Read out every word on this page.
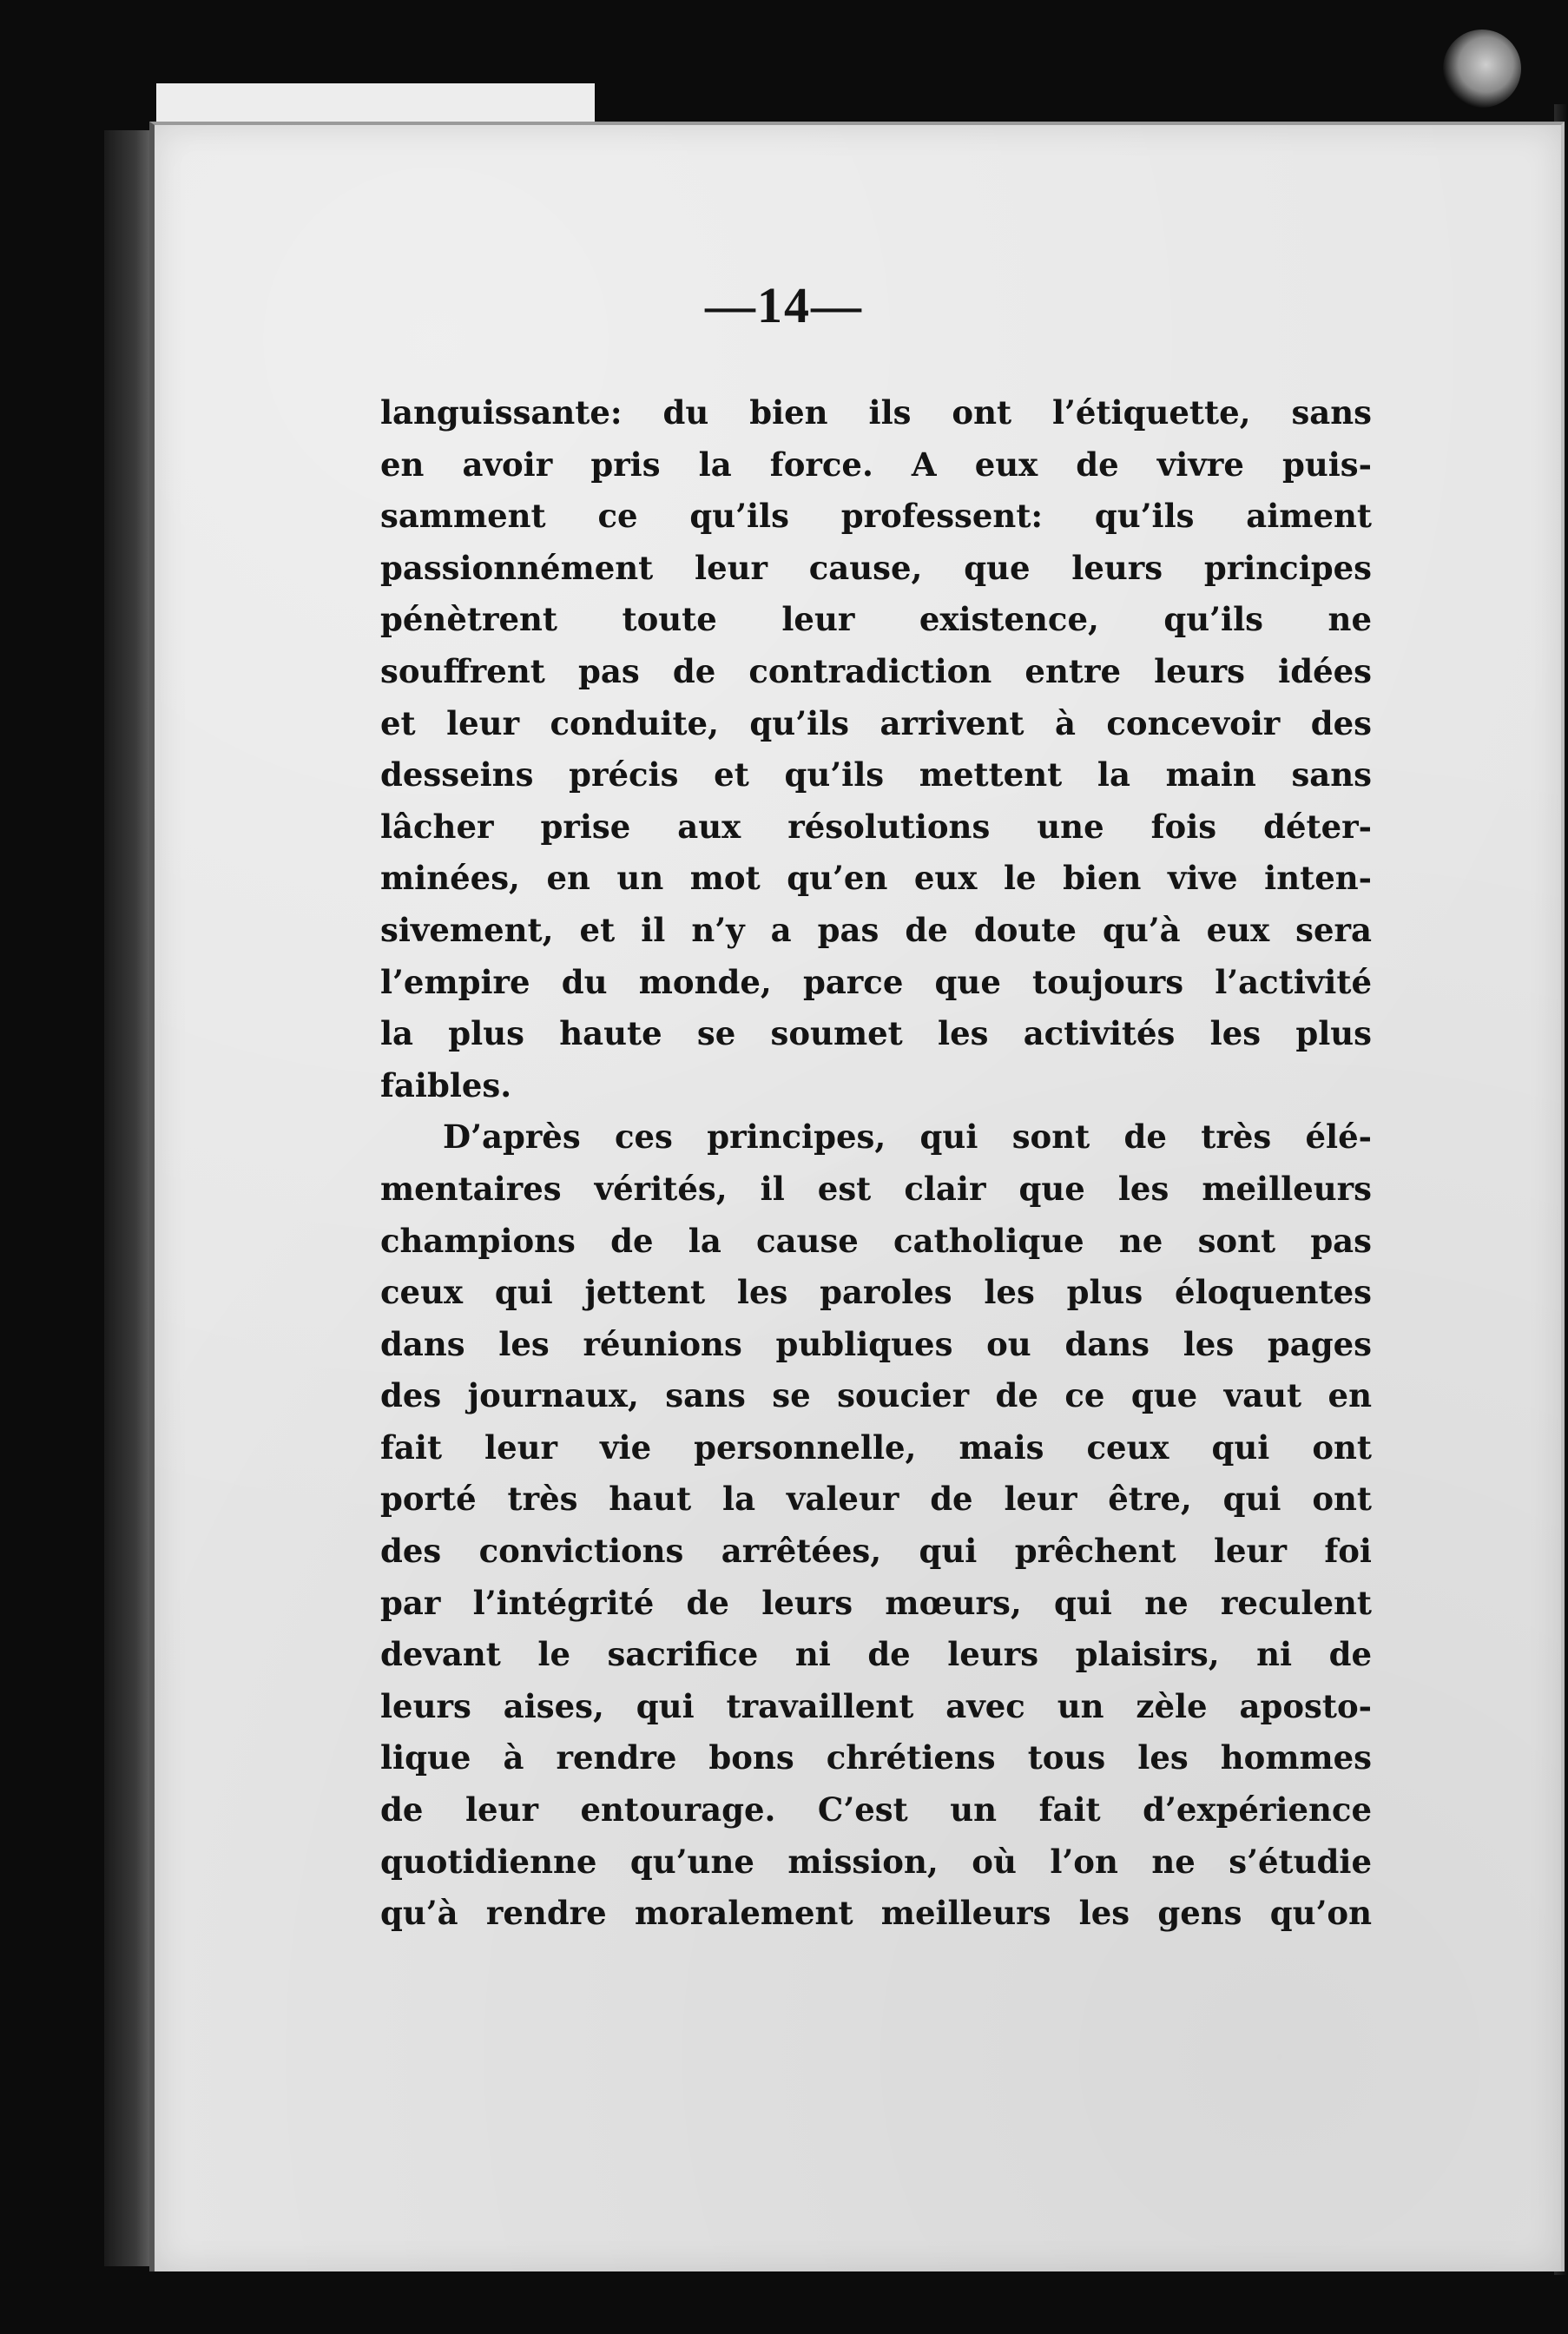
—14—

languissante: du bien ils ont l’étiquette, sans
en avoir pris la force. A eux de vivre puis-
samment ce qu’ils professent: qu’ils aiment
passionnément leur cause, que leurs principes
pénètrent toute leur existence, qu’ils ne
souffrent pas de contradiction entre leurs idées
et leur conduite, qu’ils arrivent à concevoir des
desseins précis et qu’ils mettent la main sans
lâcher prise aux résolutions une fois déter-
minées, en un mot qu’en eux le bien vive inten-
sivement, et il n’y a pas de doute qu’à eux sera
l’empire du monde, parce que toujours l’activité
la plus haute se soumet les activités les plus
faibles.

D’après ces principes, qui sont de très élé-
mentaires vérités, il est clair que les meilleurs
champions de la cause catholique ne sont pas
ceux qui jettent les paroles les plus éloquentes
dans les réunions publiques ou dans les pages
des journaux, sans se soucier de ce que vaut en
fait leur vie personnelle, mais ceux qui ont
porté très haut la valeur de leur être, qui ont
des convictions arrêtées, qui prêchent leur foi
par l’intégrité de leurs mœurs, qui ne reculent
devant le sacrifice ni de leurs plaisirs, ni de
leurs aises, qui travaillent avec un zèle aposto-
lique à rendre bons chrétiens tous les hommes
de leur entourage. C’est un fait d’expérience
quotidienne qu’une mission, où l’on ne s’étudie
qu’à rendre moralement meilleurs les gens qu’on
